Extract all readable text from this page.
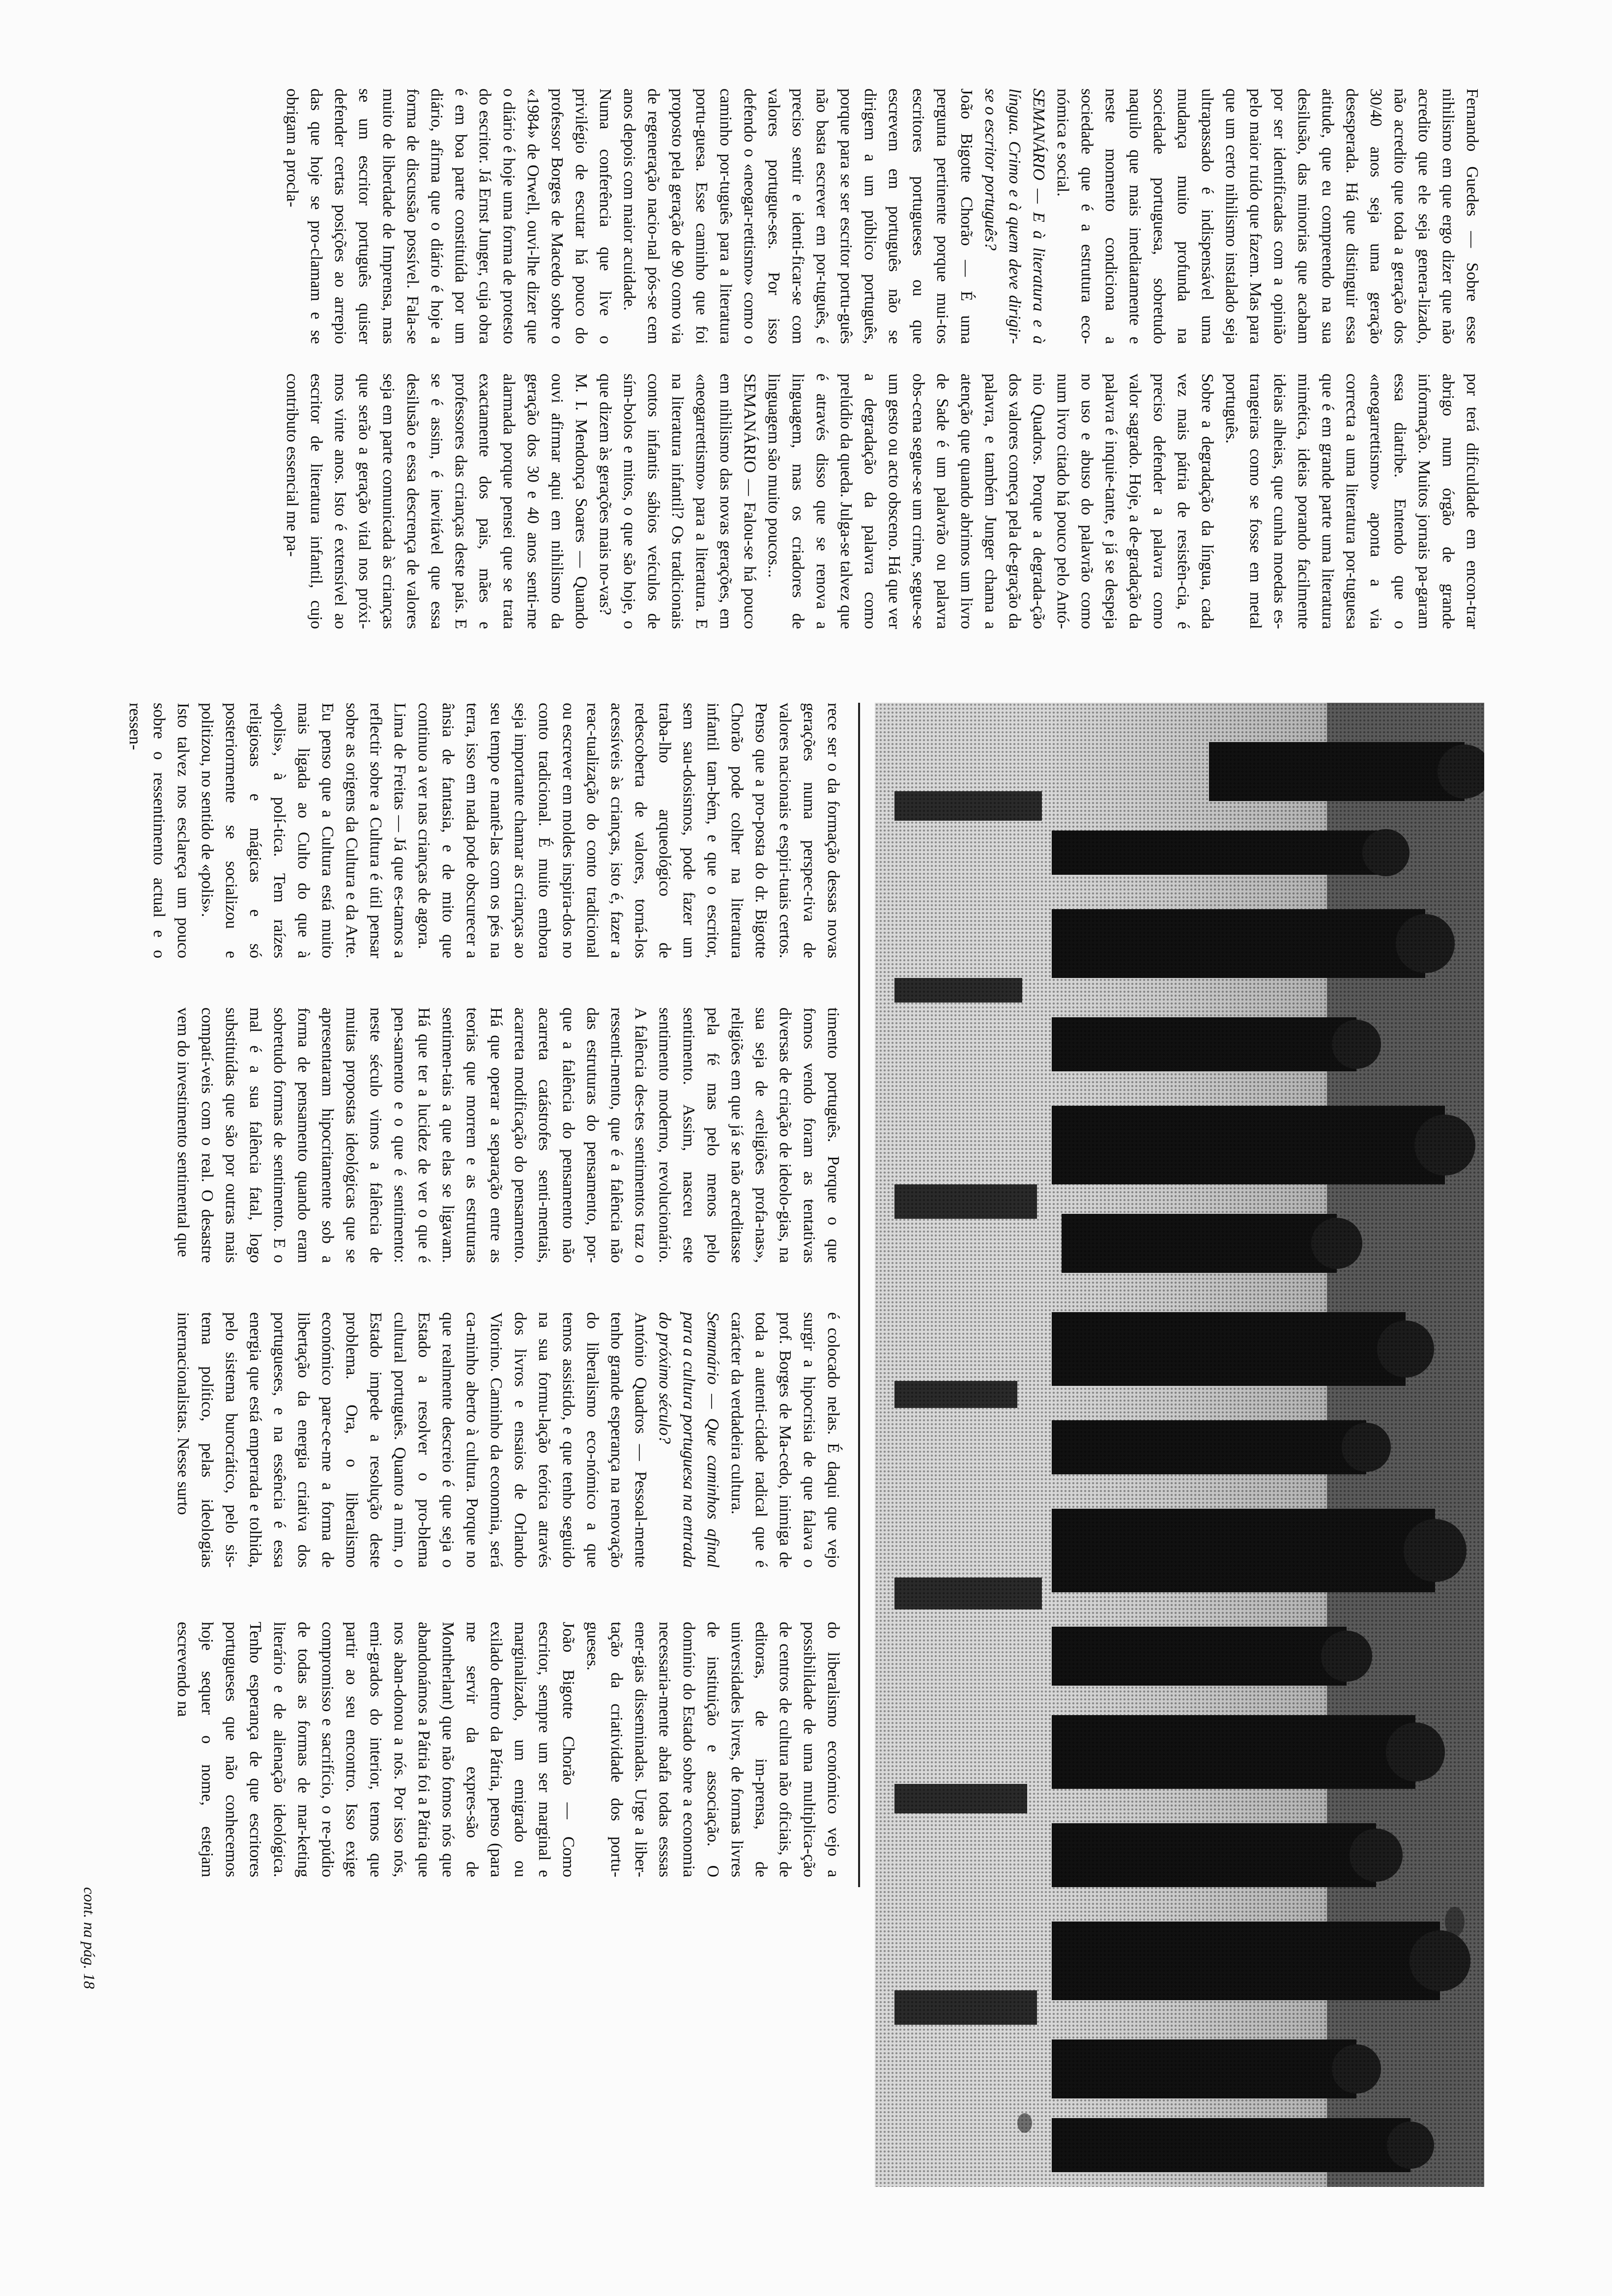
Fernando Guedes — Sobre esse nihilismo em que ergo dizer que não acredito que ele seja genera-lizado, não acredito que toda a geração dos 30/40 anos seja uma geração desesperada. Há que distinguir essa atitude, que eu compreendo na sua desilusão, das minorias que acabam por ser identificadas com a opinião pelo maior ruído que fazem. Mas para que um certo nihilismo instalado seja ultrapassado é indispensável uma mudança muito profunda na sociedade portuguesa, sobretudo naquilo que mais imediatamente e neste momento condiciona a sociedade que é a estrutura eco-nómica e social.

SEMANÁRIO — E à literatura e à língua. Crimo e à quem deve dirigir-se o escritor português?

João Bigotte Chorão — É uma pergunta pertinente porque mui-tos escritores portugueses ou que escrevem em português não se dirigem a um público português, porque para se ser escritor portu-guês não basta escrever em por-tuguês, é preciso sentir e identi-ficar-se com valores portugue-ses. Por isso defendo o «neogar-rettismo» como o caminho por-tuguês para a literatura portu-guesa. Esse caminho que foi proposto pela geração de 90 como via de regeneração nacio-nal pós-se cem anos depois com maior acuidade.

Numa conferência que live o privilégio de escutar há pouco do professor Borges de Macedo sobre o «1984» de Orwell, ouvi-lhe dizer que o diário é hoje uma forma de protesto do escritor. Já Ernst Junger, cuja obra é em boa parte constituída por um diário, afirma que o diário é hoje a forma de discussão possível. Fala-se muito de liberdade de Imprensa, mas se um escritor português quiser defender certas posições ao arrepio das que hoje se pro-clamam e se obrigam a procla-

por terá dificuldade em encon-trar abrigo num órgão de grande informação. Muitos jornais pa-garam essa diatribe. Entendo que o «neogarrettismo» aponta a via correcta a uma literatura por-tuguesa que é em grande parte uma literatura mimética, ideias porando facilmente ideias alheias, que cunha moedas es-trangeiras como se fosse em metal português.

Sobre a degradação da língua, cada vez mais pátria de resistên-cia, é preciso defender a palavra como valor sagrado. Hoje, a de-gradação da palavra é inquie-tante, e já se despeja no uso e abuso do palavrão como num livro citado há pouco pelo Antó-nio Quadros. Porque a degrada-ção dos valores começa pela de-gração da palavra, e também Junger chama a atenção que quando abrimos um livro de Sade é um palavrão ou palavra obs-cena segue-se um crime, segue-se um gesto ou acto obsceno. Há que ver a degradação da palavra como prelúdio da queda. Julga-se talvez que é através disso que se renova a linguagem, mas os criadores de linguagem são muito poucos...

SEMANÁRIO — Falou-se há pouco em nihilismo das novas gerações, em «neogarrettismo» para a literatura. E na literatura infantil? Os tradicionais contos infantis sábios veículos de sím-bolos e mitos, o que são hoje, o que dizem às gerações mais no-vas?

M. I. Mendonça Soares — Quando ouvi afirmar aqui em nihilismo da geração dos 30 e 40 anos senti-me alarmada porque pensei que se trata exactamente dos pais, mães e professores das crianças deste país. E se é assim, é inevitável que essa desilusão e essa descrença de valores seja em parte comunicada às crianças que serão a geração vital nos próxi-mos vinte anos. Isto é extensível ao escritor de literatura infantil, cujo contributo essencial me pa-

rece ser o da formação dessas novas gerações numa perspec-tiva de valores nacionais e espiri-tuais certos. Penso que a pro-posta do dr. Bigotte Chorão pode colher na literatura infantil tam-bém, e que o escritor, sem sau-dosismos, pode fazer um traba-lho arqueológico de redescoberta de valores, torná-los acessíveis às crianças, isto é, fazer a reac-tualização do conto tradicional ou escrever em moldes inspira-dos no conto tradicional. É muito embora seja importante chamar as crianças ao seu tempo e mantê-las com os pés na terra, isso em nada pode obscurecer a ânsia de fantasia, e de mito que continuo a ver nas crianças de agora.

Lima de Freitas — Já que es-tamos a reflectir sobre a Cultura é útil pensar sobre as origens da Cultura e da Arte. Eu penso que a Cultura está muito mais ligada ao Culto do que à «polis», à polí-tica. Tem raízes religiosas e mágicas e só posteriormente se socializou e politizou, no sentido de «polis».

Isto talvez nos esclareça um pouco sobre o ressentimento actual e o ressen-

timento português. Porque o que fomos vendo foram as tentativas diversas de criação de ideolo-gias, na sua seja de «religiões profa-nas», religiões em que já se não acreditasse pela fé mas pelo menos pelo sentimento. Assim, nasceu este sentimento moderno, revolucionário. A falência des-tes sentimentos traz o ressenti-mento, que é a falência não das estruturas do pensamento, por-que a falência do pensamento não acarreta catástrofes senti-mentais, acarreta modificação do pensamento. Há que operar a separação entre as teorias que morrem e as estruturas sentimen-tais a que elas se ligavam. Há que ter a lucidez de ver o que é pen-samento e o que é sentimento: neste século vimos a falência de muitas propostas ideológicas que se apresentaram hipocritamente sob a forma de pensamento quando eram sobretudo formas de sentimento. E o mal é a sua falência fatal, logo substituídas que são por outras mais compatí-veis com o real. O desastre vem do investimento sentimental que

é colocado nelas. É daqui que vejo surgir a hipocrisia de que falava o prof. Borges de Ma-cedo, inimiga de toda a autenti-cidade radical que é carácter da verdadeira cultura.

Semanário — Que caminhos afinal para a cultura portuguesa na entrada do próximo século?

António Quadros — Pessoal-mente tenho grande esperança na renovação do liberalismo eco-nómico a que temos assistido, e que tenho seguido na sua formu-lação teórica através dos livros e ensaios de Orlando Vitorino. Caminho da economia, será ca-minho aberto à cultura. Porque no que realmente descreio é que seja o Estado a resolver o pro-blema cultural português. Quanto a mim, o Estado impede a resolução deste problema. Ora, o liberalismo económico pare-ce-me a forma de libertação da energia criativa dos portugueses, e na essência é essa energia que está emperrada e tolhida, pelo sistema burocrático, pelo sis-tema político, pelas ideologias internacionalistas. Nesse surto

do liberalismo económico vejo a possibilidade de uma multiplica-ção de centros de cultura não oficiais, de editoras, de im-prensa, de universidades livres, de formas livres de instituição e associação. O domínio do Estado sobre a economia necessaria-mente abafa todas esssas ener-gias disseminadas. Urge a liber-tação da criatividade dos portu-gueses.

João Bigotte Chorão — Como escritor, sempre um ser marginal e marginalizado, um emigrado ou exilado dentro da Pátria, penso (para me servir da expres-são de Montherlant) que não fomos nós que abandonámos a Pátria foi a Pátria que nos aban-donou a nós. Por isso nós, emi-grados do interior, temos que partir ao seu encontro. Isso exige compromisso e sacrifício, o re-púdio de todas as formas de mar-keting literário e de alienação ideológica. Tenho esperança de que escritores portugueses que não conhecemos hoje sequer o nome, estejam escrevendo na

cont. na pág. 18
